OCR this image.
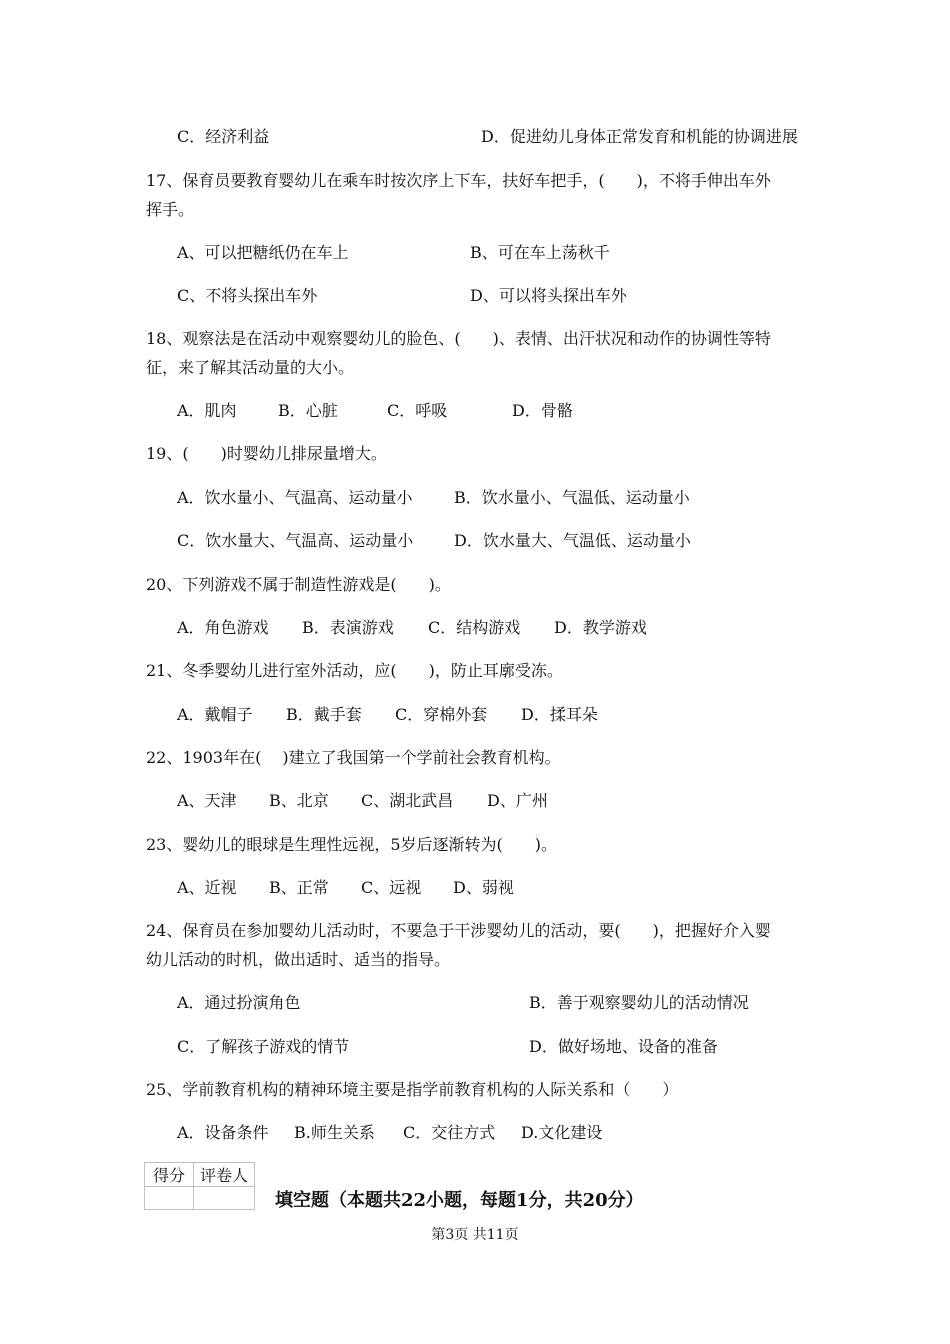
C．经济利益	D．促进幼儿身体正常发育和机能的协调进展
17、保育员要教育婴幼儿在乘车时按次序上下车，扶好车把手，(　　)，不将手伸出车外
挥手。
A、可以把糖纸仍在车上	B、可在车上荡秋千
C、不将头探出车外	D、可以将头探出车外
18、观察法是在活动中观察婴幼儿的脸色、(　　)、表情、出汗状况和动作的协调性等特
征，来了解其活动量的大小。
A．肌肉	B．心脏	C．呼吸	D．骨骼
19、(　　)时婴幼儿排尿量增大。
A．饮水量小、气温高、运动量小	B．饮水量小、气温低、运动量小
C．饮水量大、气温高、运动量小	D．饮水量大、气温低、运动量小
20、下列游戏不属于制造性游戏是(　　)。
A．角色游戏 B．表演游戏 C．结构游戏 D．教学游戏
21、冬季婴幼儿进行室外活动，应(　　)，防止耳廓受冻。
A．戴帽子 B．戴手套 C．穿棉外套 D．揉耳朵
22、1903年在(　 )建立了我国第一个学前社会教育机构。
A、天津 B、北京 C、湖北武昌 D、广州
23、婴幼儿的眼球是生理性远视，5岁后逐渐转为(　　)。
A、近视 B、正常 C、远视 D、弱视
24、保育员在参加婴幼儿活动时，不要急于干涉婴幼儿的活动，要(　　)，把握好介入婴
幼儿活动的时机，做出适时、适当的指导。
A．通过扮演角色	B．善于观察婴幼儿的活动情况
C．了解孩子游戏的情节	D．做好场地、设备的准备
25、学前教育机构的精神环境主要是指学前教育机构的人际关系和（　　）
A．设备条件 B.师生关系 C．交往方式 D.文化建设
得分	评卷人

填空题（本题共22小题，每题1分，共20分）
第3页 共11页
